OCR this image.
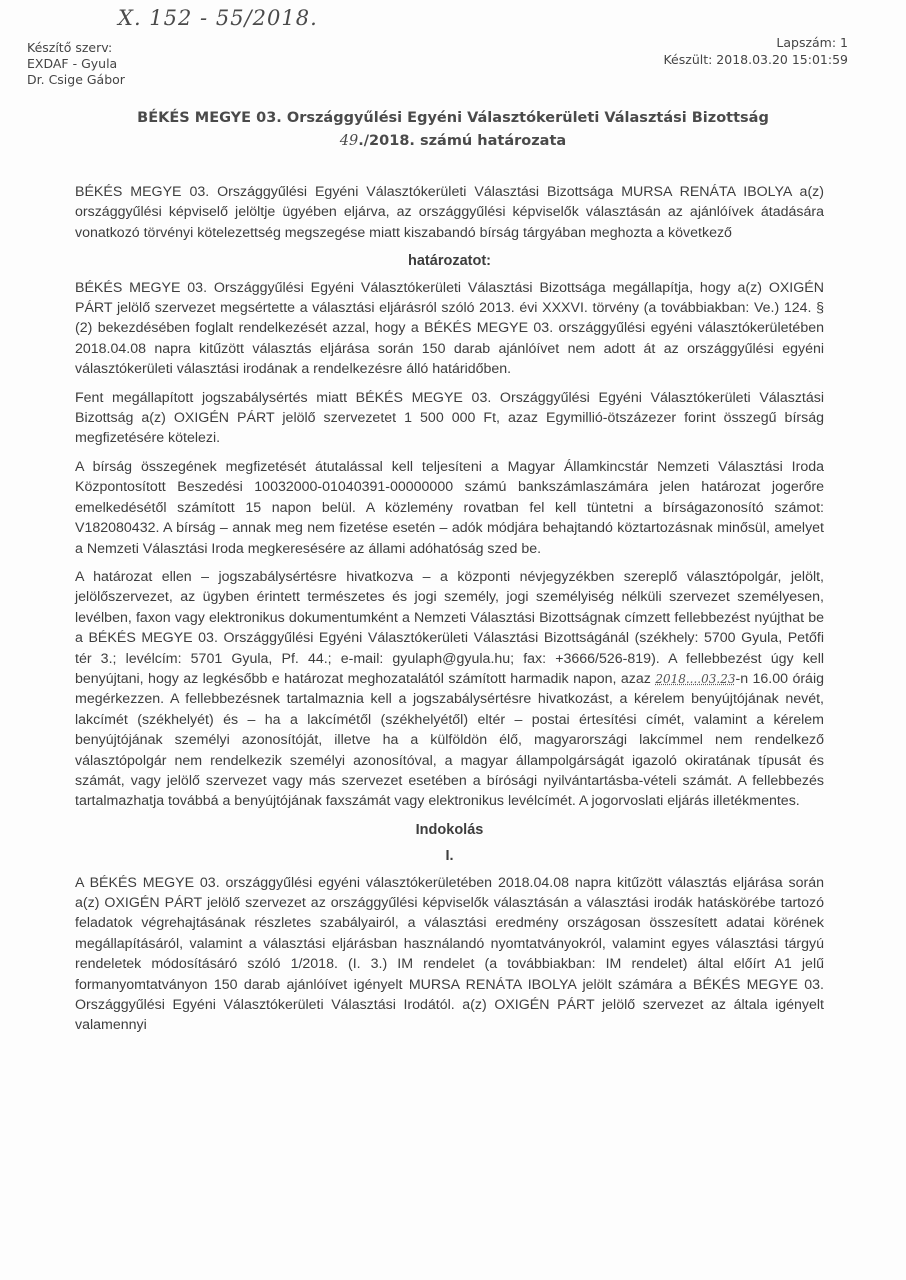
X. 152 - 55/2018.
Készítő szerv:
EXDAF - Gyula
Dr. Csige Gábor
Lapszám: 1
Készült: 2018.03.20 15:01:59
BÉKÉS MEGYE 03. Országgyűlési Egyéni Választókerületi Választási Bizottság
49./2018. számú határozata

BÉKÉS MEGYE 03. Országgyűlési Egyéni Választókerületi Választási Bizottsága MURSA RENÁTA IBOLYA a(z) országgyűlési képviselő jelöltje ügyében eljárva, az országgyűlési képviselők választásán az ajánlóívek átadására vonatkozó törvényi kötelezettség megszegése miatt kiszabandó bírság tárgyában meghozta a következő

határozatot:

BÉKÉS MEGYE 03. Országgyűlési Egyéni Választókerületi Választási Bizottsága megállapítja, hogy a(z) OXIGÉN PÁRT jelölő szervezet megsértette a választási eljárásról szóló 2013. évi XXXVI. törvény (a továbbiakban: Ve.) 124. § (2) bekezdésében foglalt rendelkezését azzal, hogy a BÉKÉS MEGYE 03. országgyűlési egyéni választókerületében 2018.04.08 napra kitűzött választás eljárása során 150 darab ajánlóívet nem adott át az országgyűlési egyéni választókerületi választási irodának a rendelkezésre álló határidőben.

Fent megállapított jogszabálysértés miatt BÉKÉS MEGYE 03. Országgyűlési Egyéni Választókerületi Választási Bizottság a(z) OXIGÉN PÁRT jelölő szervezetet 1 500 000 Ft, azaz Egymillió-ötszázezer forint összegű bírság megfizetésére kötelezi.

A bírság összegének megfizetését átutalással kell teljesíteni a Magyar Államkincstár Nemzeti Választási Iroda Központosított Beszedési 10032000-01040391-00000000 számú bankszámlaszámára jelen határozat jogerőre emelkedésétől számított 15 napon belül. A közlemény rovatban fel kell tüntetni a bírságazonosító számot: V182080432. A bírság – annak meg nem fizetése esetén – adók módjára behajtandó köztartozásnak minősül, amelyet a Nemzeti Választási Iroda megkeresésére az állami adóhatóság szed be.

A határozat ellen – jogszabálysértésre hivatkozva – a központi névjegyzékben szereplő választópolgár, jelölt, jelölőszervezet, az ügyben érintett természetes és jogi személy, jogi személyiség nélküli szervezet személyesen, levélben, faxon vagy elektronikus dokumentumként a Nemzeti Választási Bizottságnak címzett fellebbezést nyújthat be a BÉKÉS MEGYE 03. Országgyűlési Egyéni Választókerületi Választási Bizottságánál (székhely: 5700 Gyula, Petőfi tér 3.; levélcím: 5701 Gyula, Pf. 44.; e-mail: gyulaph@gyula.hu; fax: +3666/526-819). A fellebbezést úgy kell benyújtani, hogy az legkésőbb e határozat meghozatalától számított harmadik napon, azaz 2018....03.23-n 16.00 óráig megérkezzen. A fellebbezésnek tartalmaznia kell a jogszabálysértésre hivatkozást, a kérelem benyújtójának nevét, lakcímét (székhelyét) és – ha a lakcímétől (székhelyétől) eltér – postai értesítési címét, valamint a kérelem benyújtójának személyi azonosítóját, illetve ha a külföldön élő, magyarországi lakcímmel nem rendelkező választópolgár nem rendelkezik személyi azonosítóval, a magyar állampolgárságát igazoló okiratának típusát és számát, vagy jelölő szervezet vagy más szervezet esetében a bírósági nyilvántartásba-vételi számát. A fellebbezés tartalmazhatja továbbá a benyújtójának faxszámát vagy elektronikus levélcímét. A jogorvoslati eljárás illetékmentes.

Indokolás
I.

A BÉKÉS MEGYE 03. országgyűlési egyéni választókerületében 2018.04.08 napra kitűzött választás eljárása során a(z) OXIGÉN PÁRT jelölő szervezet az országgyűlési képviselők választásán a választási irodák hatáskörébe tartozó feladatok végrehajtásának részletes szabályairól, a választási eredmény országosan összesített adatai körének megállapításáról, valamint a választási eljárásban használandó nyomtatványokról, valamint egyes választási tárgyú rendeletek módosításáró szóló 1/2018. (I. 3.) IM rendelet (a továbbiakban: IM rendelet) által előírt A1 jelű formanyomtatványon 150 darab ajánlóívet igényelt MURSA RENÁTA IBOLYA jelölt számára a BÉKÉS MEGYE 03. Országgyűlési Egyéni Választókerületi Választási Irodától. a(z) OXIGÉN PÁRT jelölő szervezet az általa igényelt valamennyi
